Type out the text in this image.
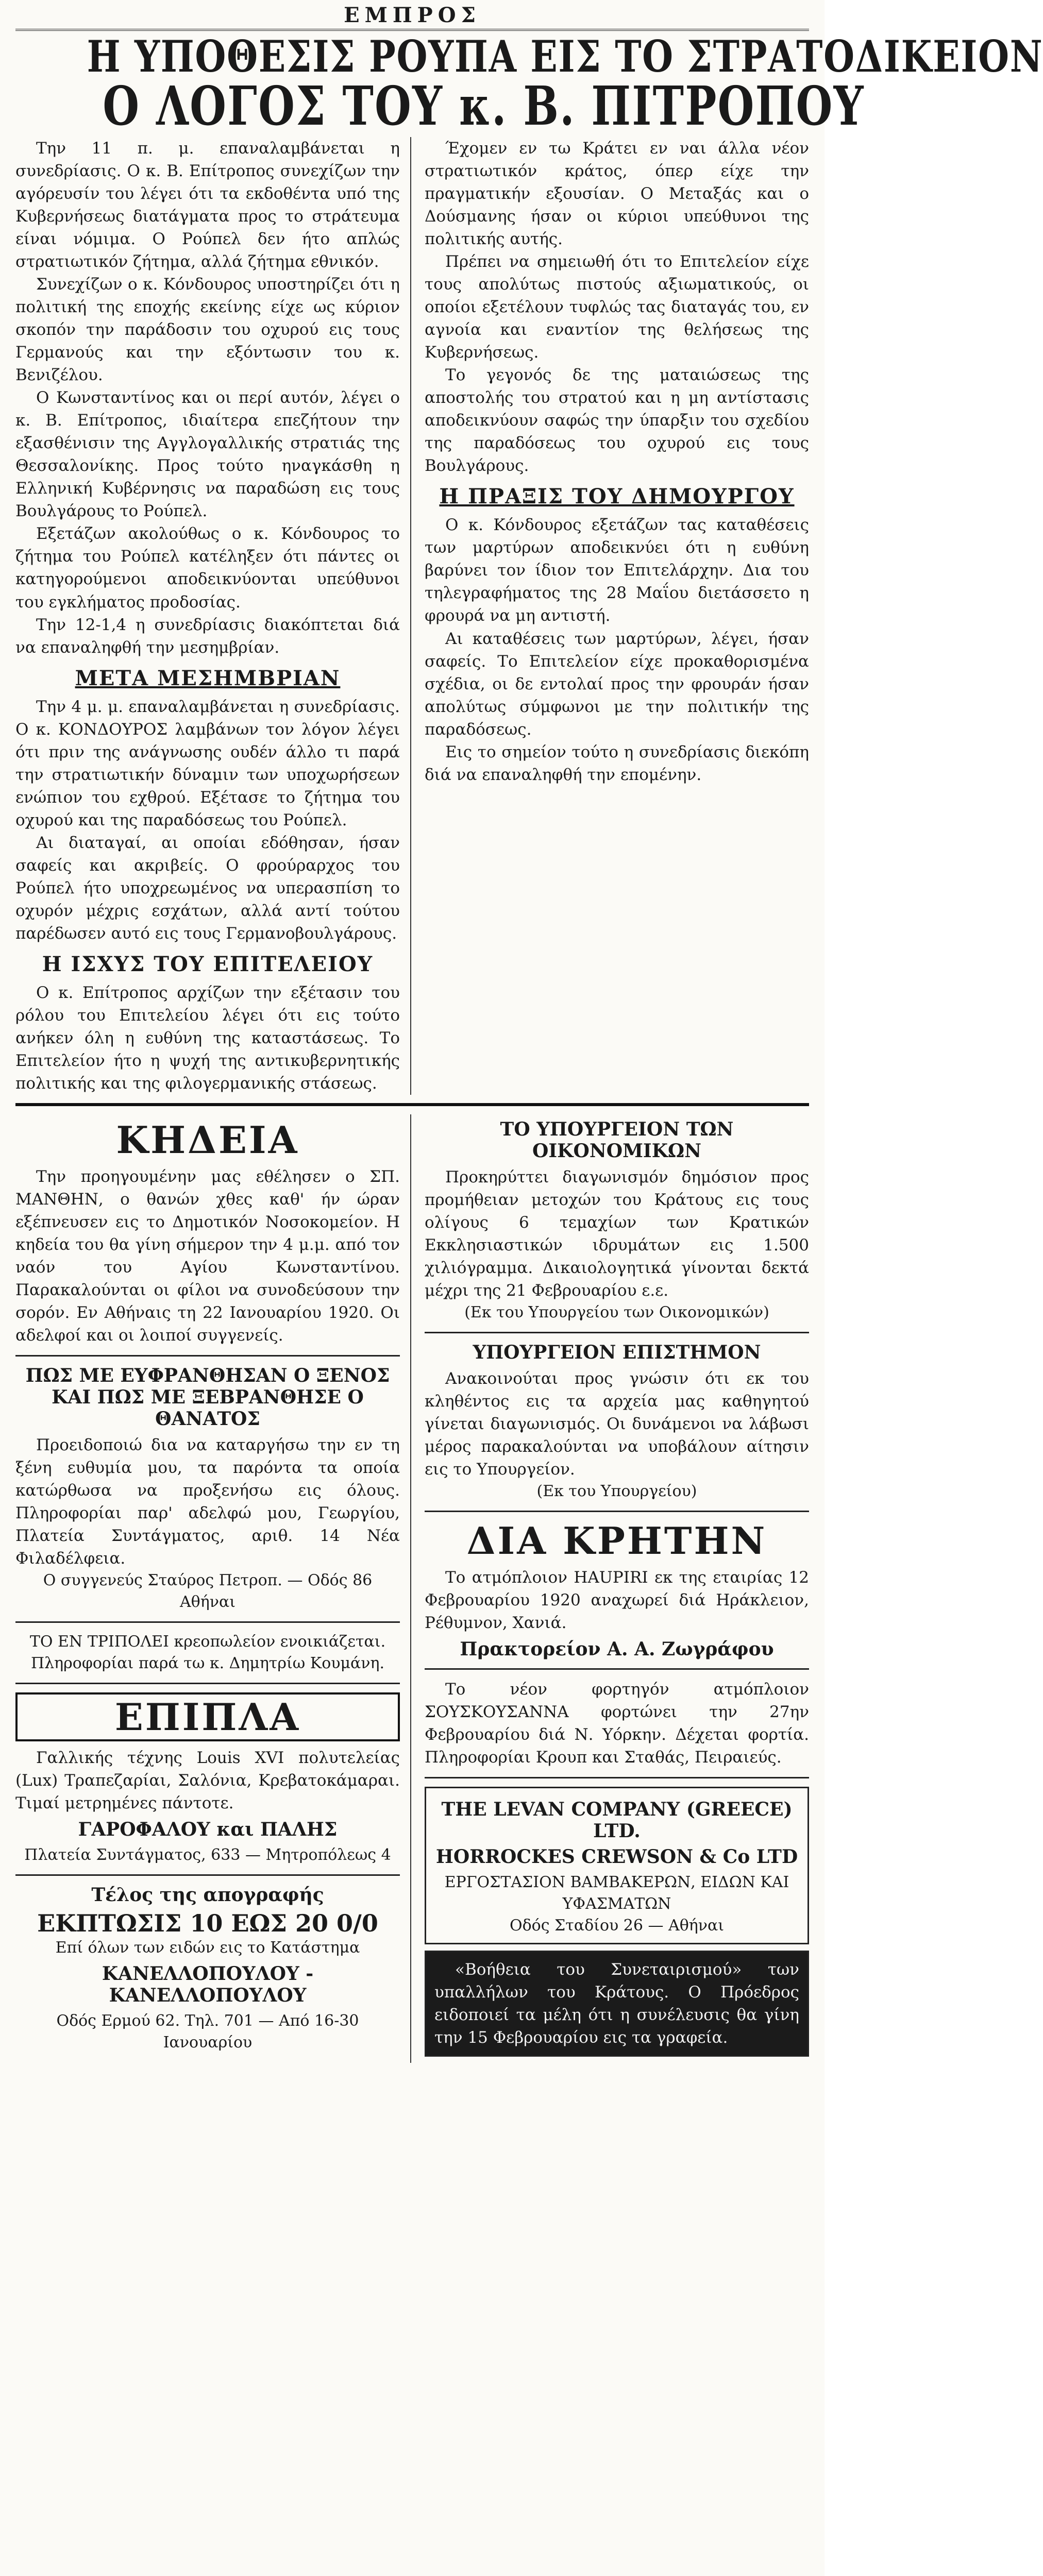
ΕΜΠΡΟΣ
Η ΥΠΟΘΕΣΙΣ ΡΟΥΠΑ ΕΙΣ ΤΟ ΣΤΡΑΤΟΔΙΚΕΙΟΝ
Ο ΛΟΓΟΣ ΤΟΥ κ. Β. ΠΙΤΡΟΠΟΥ

Την 11 π. μ. επαναλαμβάνεται η συνεδρίασις. Ο κ. Β. Επίτροπος συνεχίζων την αγόρευσίν του λέγει ότι τα εκδοθέντα υπό της Κυβερνήσεως διατάγματα προς το στράτευμα είναι νόμιμα. Ο Ρούπελ δεν ήτο απλώς στρατιωτικόν ζήτημα, αλλά ζήτημα εθνικόν.

Συνεχίζων ο κ. Κόνδουρος υποστηρίζει ότι η πολιτική της εποχής εκείνης είχε ως κύριον σκοπόν την παράδοσιν του οχυρού εις τους Γερμανούς και την εξόντωσιν του κ. Βενιζέλου.

Ο Κωνσταντίνος και οι περί αυτόν, λέγει ο κ. Β. Επίτροπος, ιδιαίτερα επεζήτουν την εξασθένισιν της Αγγλογαλλικής στρατιάς της Θεσσαλονίκης. Προς τούτο ηναγκάσθη η Ελληνική Κυβέρνησις να παραδώση εις τους Βουλγάρους το Ρούπελ.

Εξετάζων ακολούθως ο κ. Κόνδουρος το ζήτημα του Ρούπελ κατέληξεν ότι πάντες οι κατηγορούμενοι αποδεικνύονται υπεύθυνοι του εγκλήματος προδοσίας.

Την 12-1,4 η συνεδρίασις διακόπτεται διά να επαναληφθή την μεσημβρίαν.

ΜΕΤΑ ΜΕΣΗΜΒΡΙΑΝ

Την 4 μ. μ. επαναλαμβάνεται η συνεδρίασις. Ο κ. ΚΟΝΔΟΥΡΟΣ λαμβάνων τον λόγον λέγει ότι πριν της ανάγνωσης ουδέν άλλο τι παρά την στρατιωτικήν δύναμιν των υποχωρήσεων ενώπιον του εχθρού. Εξέτασε το ζήτημα του οχυρού και της παραδόσεως του Ρούπελ.

Αι διαταγαί, αι οποίαι εδόθησαν, ήσαν σαφείς και ακριβείς. Ο φρούραρχος του Ρούπελ ήτο υποχρεωμένος να υπερασπίση το οχυρόν μέχρις εσχάτων, αλλά αντί τούτου παρέδωσεν αυτό εις τους Γερμανοβουλγάρους.

Η ΙΣΧΥΣ ΤΟΥ ΕΠΙΤΕΛΕΙΟΥ

Ο κ. Επίτροπος αρχίζων την εξέτασιν του ρόλου του Επιτελείου λέγει ότι εις τούτο ανήκεν όλη η ευθύνη της καταστάσεως. Το Επιτελείον ήτο η ψυχή της αντικυβερνητικής πολιτικής και της φιλογερμανικής στάσεως.

Έχομεν εν τω Κράτει εν ναι άλλα νέον στρατιωτικόν κράτος, όπερ είχε την πραγματικήν εξουσίαν. Ο Μεταξάς και ο Δούσμανης ήσαν οι κύριοι υπεύθυνοι της πολιτικής αυτής.

Πρέπει να σημειωθή ότι το Επιτελείον είχε τους απολύτως πιστούς αξιωματικούς, οι οποίοι εξετέλουν τυφλώς τας διαταγάς του, εν αγνοία και εναντίον της θελήσεως της Κυβερνήσεως.

Το γεγονός δε της ματαιώσεως της αποστολής του στρατού και η μη αντίστασις αποδεικνύουν σαφώς την ύπαρξιν του σχεδίου της παραδόσεως του οχυρού εις τους Βουλγάρους.

Η ΠΡΑΞΙΣ ΤΟΥ ΔΗΜΟΥΡΓΟΥ

Ο κ. Κόνδουρος εξετάζων τας καταθέσεις των μαρτύρων αποδεικνύει ότι η ευθύνη βαρύνει τον ίδιον τον Επιτελάρχην. Δια του τηλεγραφήματος της 28 Μαΐου διετάσσετο η φρουρά να μη αντιστή.

Αι καταθέσεις των μαρτύρων, λέγει, ήσαν σαφείς. Το Επιτελείον είχε προκαθορισμένα σχέδια, οι δε εντολαί προς την φρουράν ήσαν απολύτως σύμφωνοι με την πολιτικήν της παραδόσεως.

Εις το σημείον τούτο η συνεδρίασις διεκόπη διά να επαναληφθή την επομένην.

ΚΗΔΕΙΑ

Την προηγουμένην μας εθέλησεν ο ΣΠ. ΜΑΝΘΗΝ, ο θανών χθες καθ' ήν ώραν εξέπνευσεν εις το Δημοτικόν Νοσοκομείον. Η κηδεία του θα γίνη σήμερον την 4 μ.μ. από τον ναόν του Αγίου Κωνσταντίνου. Παρακαλούνται οι φίλοι να συνοδεύσουν την σορόν. Εν Αθήναις τη 22 Ιανουαρίου 1920. Οι αδελφοί και οι λοιποί συγγενείς.

ΠΩΣ ΜΕ ΕΥΦΡΑΝΘΗΣΑΝ Ο ΞΕΝΟΣ ΚΑΙ ΠΩΣ ΜΕ ΞΕΒΡΑΝΘΗΣΕ Ο ΘΑΝΑΤΟΣ

Προειδοποιώ δια να καταργήσω την εν τη ξένη ευθυμία μου, τα παρόντα τα οποία κατώρθωσα να προξενήσω εις όλους. Πληροφορίαι παρ' αδελφώ μου, Γεωργίου, Πλατεία Συντάγματος, αριθ. 14 Νέα Φιλαδέλφεια.

Ο συγγενεύς Σταύρος Πετροπ. — Οδός 86 Αθήναι
ΤΟ ΕΝ ΤΡΙΠΟΛΕΙ κρεοπωλείον ενοικιάζεται. Πληροφορίαι παρά τω κ. Δημητρίω Κουμάνη.
ΕΠΙΠΛΑ

Γαλλικής τέχνης Louis XVI πολυτελείας (Lux) Τραπεζαρίαι, Σαλόνια, Κρεβατοκάμαραι. Τιμαί μετρημένες πάντοτε.

ΓΑΡΟΦΑΛΟΥ και ΠΑΛΗΣ
Πλατεία Συντάγματος, 633 — Μητροπόλεως 4
Τέλος της απογραφής
ΕΚΠΤΩΣΙΣ 10 ΕΩΣ 20 0/0
Επί όλων των ειδών εις το Κατάστημα
ΚΑΝΕΛΛΟΠΟΥΛΟΥ - ΚΑΝΕΛΛΟΠΟΥΛΟΥ
Οδός Ερμού 62. Τηλ. 701 — Από 16-30 Ιανουαρίου
ΤΟ ΥΠΟΥΡΓΕΙΟΝ ΤΩΝ ΟΙΚΟΝΟΜΙΚΩΝ

Προκηρύττει διαγωνισμόν δημόσιον προς προμήθειαν μετοχών του Κράτους εις τους ολίγους 6 τεμαχίων των Κρατικών Εκκλησιαστικών ιδρυμάτων εις 1.500 χιλιόγραμμα. Δικαιολογητικά γίνονται δεκτά μέχρι της 21 Φεβρουαρίου ε.ε.

(Εκ του Υπουργείου των Οικονομικών)
ΥΠΟΥΡΓΕΙΟΝ ΕΠΙΣΤΗΜΟΝ

Ανακοινούται προς γνώσιν ότι εκ του κληθέντος εις τα αρχεία μας καθηγητού γίνεται διαγωνισμός. Οι δυνάμενοι να λάβωσι μέρος παρακαλούνται να υποβάλουν αίτησιν εις το Υπουργείον.

(Εκ του Υπουργείου)
ΔΙΑ ΚΡΗΤΗΝ

Το ατμόπλοιον HAUPIRI εκ της εταιρίας 12 Φεβρουαρίου 1920 αναχωρεί διά Ηράκλειον, Ρέθυμνον, Χανιά.

Πρακτορείον Α. Α. Ζωγράφου

Το νέον φορτηγόν ατμόπλοιον ΣΟΥΣΚΟΥΣΑΝΝΑ φορτώνει την 27ην Φεβρουαρίου διά Ν. Υόρκην. Δέχεται φορτία. Πληροφορίαι Κρουπ και Σταθάς, Πειραιεύς.

THE LEVAN COMPANY (GREECE) LTD.
HORROCKES CREWSON & Co LTD
ΕΡΓΟΣΤΑΣΙΟΝ ΒΑΜΒΑΚΕΡΩΝ, ΕΙΔΩΝ ΚΑΙ ΥΦΑΣΜΑΤΩΝ
Οδός Σταδίου 26 — Αθήναι

«Βοήθεια του Συνεταιρισμού» των υπαλλήλων του Κράτους. Ο Πρόεδρος ειδοποιεί τα μέλη ότι η συνέλευσις θα γίνη την 15 Φεβρουαρίου εις τα γραφεία.
